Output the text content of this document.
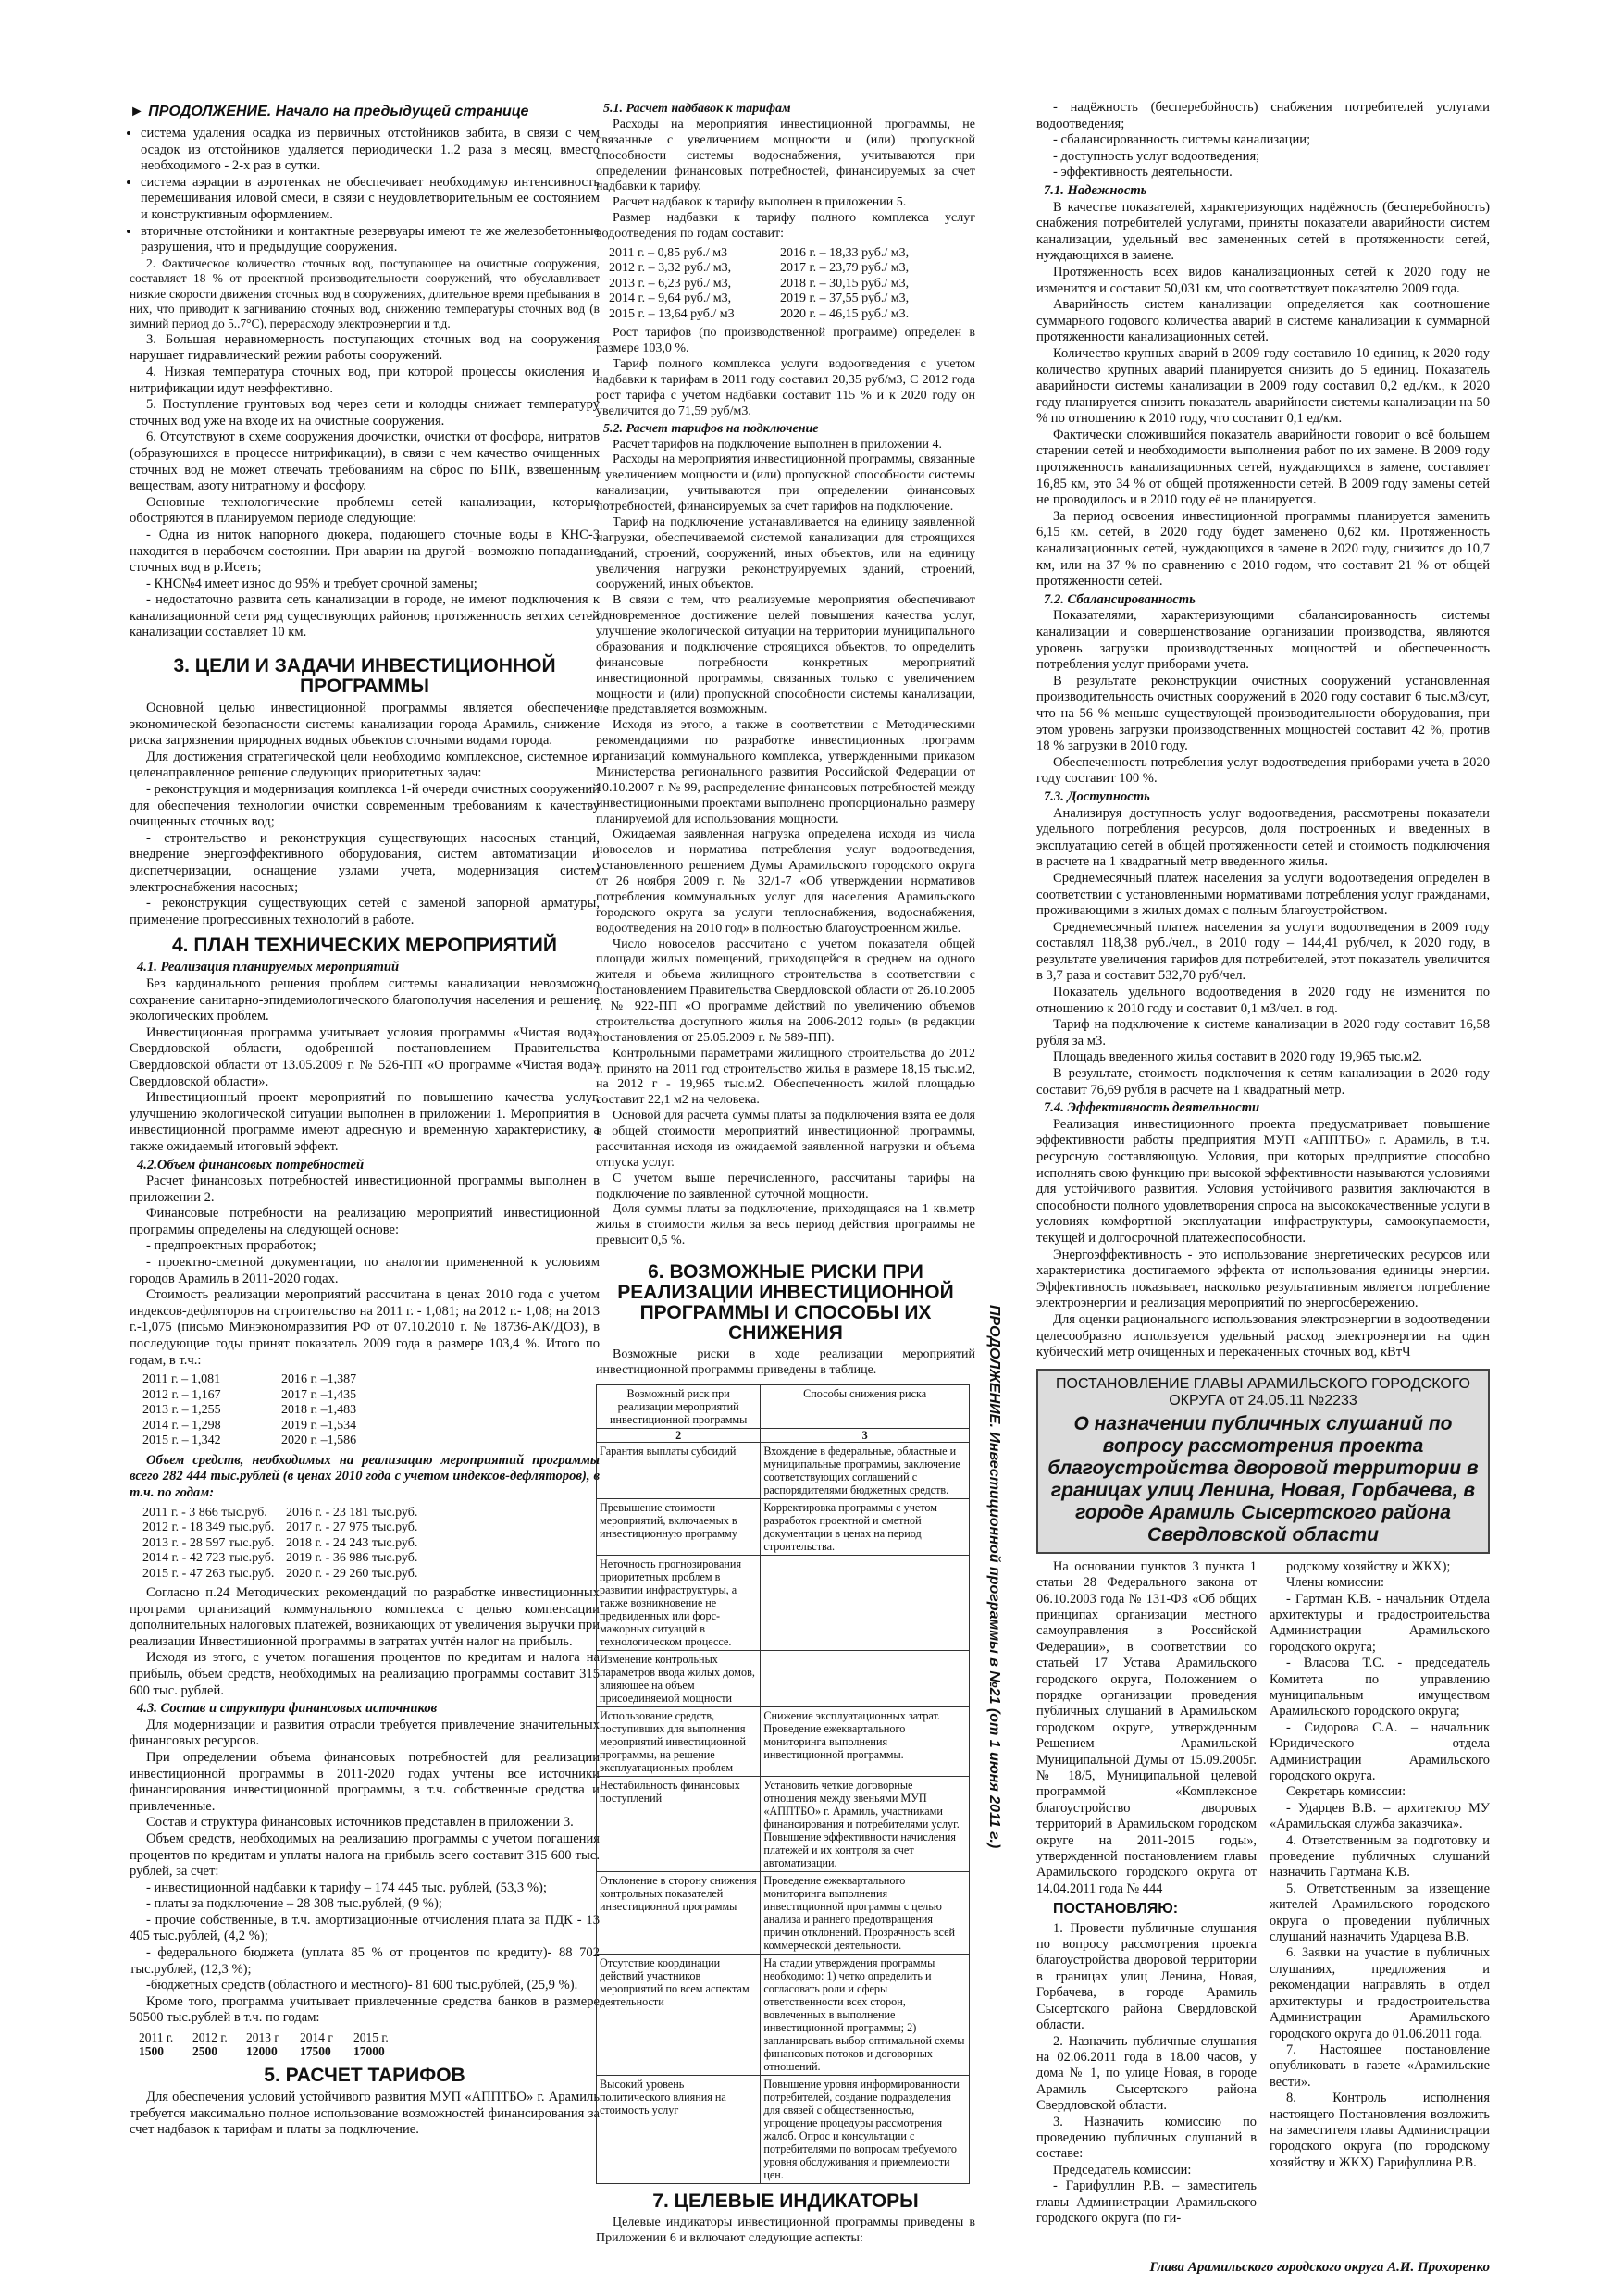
► ПРОДОЛЖЕНИЕ. Начало на предыдущей странице
• система удаления осадка из первичных отстойников забита, в связи с чем осадок из отстойников удаляется периодически 1..2 раза в месяц, вместо необходимого - 2-х раз в сутки.
• система аэрации в аэротенках не обеспечивает необходимую интенсивность перемешивания иловой смеси, в связи с неудовлетворительным ее состоянием и конструктивным оформлением.
• вторичные отстойники и контактные резервуары имеют те же железобетонные разрушения, что и предыдущие сооружения.

2. Фактическое количество сточных вод, поступающее на очистные сооружения, составляет 18 % от проектной производительности сооружений, что обуславливает низкие скорости движения сточных вод в сооружениях, длительное время пребывания в них, что приводит к загниванию сточных вод, снижению температуры сточных вод (в зимний период до 5..7°С), перерасходу электроэнергии и т.д.

3. Большая неравномерность поступающих сточных вод на сооружения нарушает гидравлический режим работы сооружений.

4. Низкая температура сточных вод, при которой процессы окисления и нитрификации идут неэффективно.

5. Поступление грунтовых вод через сети и колодцы снижает температуру сточных вод уже на входе их на очистные сооружения.

6. Отсутствуют в схеме сооружения доочистки, очистки от фосфора, нитратов (образующихся в процессе нитрификации), в связи с чем качество очищенных сточных вод не может отвечать требованиям на сброс по БПК, взвешенным веществам, азоту нитратному и фосфору.

Основные технологические проблемы сетей канализации, которые обостряются в планируемом периоде следующие:

- Одна из ниток напорного дюкера, подающего сточные воды в КНС-3 находится в нерабочем состоянии. При аварии на другой - возможно попадание сточных вод в р.Исеть;

- КНС№4 имеет износ до 95% и требует срочной замены;

- недостаточно развита сеть канализации в городе, не имеют подключения к канализационной сети ряд существующих районов; протяженность ветхих сетей канализации составляет 10 км.

3. ЦЕЛИ И ЗАДАЧИ ИНВЕСТИЦИОННОЙ ПРОГРАММЫ

Основной целью инвестиционной программы является обеспечение экономической безопасности системы канализации города Арамиль, снижение риска загрязнения природных водных объектов сточными водами города.

Для достижения стратегической цели необходимо комплексное, системное и целенаправленное решение следующих приоритетных задач:

- реконструкция и модернизация комплекса 1-й очереди очистных сооружений для обеспечения технологии очистки современным требованиям к качеству очищенных сточных вод;

- строительство и реконструкция существующих насосных станций, внедрение энергоэффективного оборудования, систем автоматизации и диспетчеризации, оснащение узлами учета, модернизация систем электроснабжения насосных;

- реконструкция существующих сетей с заменой запорной арматуры, применение прогрессивных технологий в работе.

4. ПЛАН ТЕХНИЧЕСКИХ МЕРОПРИЯТИЙ

4.1. Реализация планируемых мероприятий

Без кардинального решения проблем системы канализации невозможно сохранение санитарно-эпидемиологического благополучия населения и решение экологических проблем.

Инвестиционная программа учитывает условия программы «Чистая вода» Свердловской области, одобренной постановлением Правительства Свердловской области от 13.05.2009 г. № 526-ПП «О программе «Чистая вода» Свердловской области».

Инвестиционный проект мероприятий по повышению качества услуг, улучшению экологической ситуации выполнен в приложении 1. Мероприятия в инвестиционной программе имеют адресную и временную характеристику, а также ожидаемый итоговый эффект.

4.2.Объем финансовых потребностей

Расчет финансовых потребностей инвестиционной программы выполнен в приложении 2.

Финансовые потребности на реализацию мероприятий инвестиционной программы определены на следующей основе:

- предпроектных проработок;

- проектно-сметной документации, по аналогии примененной к условиям городов Арамиль в 2011-2020 годах.

Стоимость реализации мероприятий рассчитана в ценах 2010 года с учетом индексов-дефляторов на строительство на 2011 г. - 1,081; на 2012 г.- 1,08; на 2013 г.-1,075 (письмо Минэкономразвития РФ от 07.10.2010 г. № 18736-АК/ДОЗ), в последующие годы принят показатель 2009 года в размере 103,4 %. Итого по годам, в т.ч.:

2011 г. – 1,081	2016 г. –1,387
2012 г. – 1,167	2017 г. –1,435
2013 г. – 1,255	2018 г. –1,483
2014 г. – 1,298	2019 г. –1,534
2015 г. – 1,342	2020 г. –1,586

Объем средств, необходимых на реализацию мероприятий программы всего 282 444 тыс.рублей (в ценах 2010 года с учетом индексов-дефляторов), в т.ч. по годам:

2011 г. - 3 866 тыс.руб.	2016 г. - 23 181 тыс.руб.
2012 г. - 18 349 тыс.руб. 2017 г. - 27 975 тыс.руб.
2013 г. - 28 597 тыс.руб. 2018 г. - 24 243 тыс.руб.
2014 г. - 42 723 тыс.руб. 2019 г. - 36 986 тыс.руб.
2015 г. - 47 263 тыс.руб. 2020 г. - 29 260 тыс.руб.

Согласно п.24 Методических рекомендаций по разработке инвестиционных программ организаций коммунального комплекса с целью компенсации дополнительных налоговых платежей, возникающих от увеличения выручки при реализации Инвестиционной программы в затратах учтён налог на прибыль.

Исходя из этого, с учетом погашения процентов по кредитам и налога на прибыль, объем средств, необходимых на реализацию программы составит 315 600 тыс. рублей.

4.3. Состав и структура финансовых источников

Для модернизации и развития отрасли требуется привлечение значительных финансовых ресурсов.

При определении объема финансовых потребностей для реализации инвестиционной программы в 2011-2020 годах учтены все источники финансирования инвестиционной программы, в т.ч. собственные средства и привлеченные.

Состав и структура финансовых источников представлен в приложении 3.

Объем средств, необходимых на реализацию программы с учетом погашения процентов по кредитам и уплаты налога на прибыль всего составит 315 600 тыс. рублей, за счет:

- инвестиционной надбавки к тарифу – 174 445 тыс. рублей, (53,3 %);

- платы за подключение – 28 308 тыс.рублей, (9 %);

- прочие собственные, в т.ч. амортизационные отчисления плата за ПДК - 13 405 тыс.рублей, (4,2 %);

- федерального бюджета (уплата 85 % от процентов по кредиту)- 88 702 тыс.рублей, (12,3 %);

-бюджетных средств (областного и местного)- 81 600 тыс.рублей, (25,9 %).

Кроме того, программа учитывает привлеченные средства банков в размере 50500 тыс.рублей в т.ч. по годам:

2011 г.	2012 г.	2013 г	2014 г	2015 г.
1500	2500	12000	17500	17000
5. РАСЧЕТ ТАРИФОВ

Для обеспечения условий устойчивого развития МУП «АППТБО» г. Арамиль требуется максимально полное использование возможностей финансирования за счет надбавок к тарифам и платы за подключение.

5.1. Расчет надбавок к тарифам

Расходы на мероприятия инвестиционной программы, не связанные с увеличением мощности и (или) пропускной способности системы водоснабжения, учитываются при определении финансовых потребностей, финансируемых за счет надбавки к тарифу.

Расчет надбавок к тарифу выполнен в приложении 5.

Размер надбавки к тарифу полного комплекса услуг водоотведения по годам составит:

2011 г. – 0,85 руб./ м3	2016 г. – 18,33 руб./ м3,
2012 г. – 3,32 руб./ м3,	2017 г. – 23,79 руб./ м3,
2013 г. – 6,23 руб./ м3,	2018 г. – 30,15 руб./ м3,
2014 г. – 9,64 руб./ м3,	2019 г. – 37,55 руб./ м3,
2015 г. – 13,64 руб./ м3	2020 г. – 46,15 руб./ м3.

Рост тарифов (по производственной программе) определен в размере 103,0 %.

Тариф полного комплекса услуги водоотведения с учетом надбавки к тарифам в 2011 году составил 20,35 руб/м3, С 2012 года рост тарифа с учетом надбавки составит 115 % и к 2020 году он увеличится до 71,59 руб/м3.

5.2. Расчет тарифов на подключение

Расчет тарифов на подключение выполнен в приложении 4.

Расходы на мероприятия инвестиционной программы, связанные с увеличением мощности и (или) пропускной способности системы канализации, учитываются при определении финансовых потребностей, финансируемых за счет тарифов на подключение.

Тариф на подключение устанавливается на единицу заявленной нагрузки, обеспечиваемой системой канализации для строящихся зданий, строений, сооружений, иных объектов, или на единицу увеличения нагрузки реконструируемых зданий, строений, сооружений, иных объектов.

В связи с тем, что реализуемые мероприятия обеспечивают одновременное достижение целей повышения качества услуг, улучшение экологической ситуации на территории муниципального образования и подключение строящихся объектов, то определить финансовые потребности конкретных мероприятий инвестиционной программы, связанных только с увеличением мощности и (или) пропускной способности системы канализации, не представляется возможным.

Исходя из этого, а также в соответствии с Методическими рекомендациями по разработке инвестиционных программ организаций коммунального комплекса, утвержденными приказом Министерства регионального развития Российской Федерации от 10.10.2007 г. № 99, распределение финансовых потребностей между инвестиционными проектами выполнено пропорционально размеру планируемой для использования мощности.

Ожидаемая заявленная нагрузка определена исходя из числа новоселов и норматива потребления услуг водоотведения, установленного решением Думы Арамильского городского округа от 26 ноября 2009 г. № 32/1-7 «Об утверждении нормативов потребления коммунальных услуг для населения Арамильского городского округа за услуги теплоснабжения, водоснабжения, водоотведения на 2010 год» в полностью благоустроенном жилье.

Число новоселов рассчитано с учетом показателя общей площади жилых помещений, приходящейся в среднем на одного жителя и объема жилищного строительства в соответствии с постановлением Правительства Свердловской области от 26.10.2005 г. № 922-ПП «О программе действий по увеличению объемов строительства доступного жилья на 2006-2012 годы» (в редакции постановления от 25.05.2009 г. № 589-ПП).

Контрольными параметрами жилищного строительства до 2012 г. принято на 2011 год строительство жилья в размере 18,15 тыс.м2, на 2012 г - 19,965 тыс.м2. Обеспеченность жилой площадью составит 22,1 м2 на человека.

Основой для расчета суммы платы за подключения взята ее доля в общей стоимости мероприятий инвестиционной программы, рассчитанная исходя из ожидаемой заявленной нагрузки и объема отпуска услуг.

С учетом выше перечисленного, рассчитаны тарифы на подключение по заявленной суточной мощности.

Доля суммы платы за подключение, приходящаяся на 1 кв.метр жилья в стоимости жилья за весь период действия программы не превысит 0,5 %.

6. ВОЗМОЖНЫЕ РИСКИ ПРИ РЕАЛИЗАЦИИ ИНВЕСТИЦИОННОЙ ПРОГРАММЫ И СПОСОБЫ ИХ СНИЖЕНИЯ

Возможные риски в ходе реализации мероприятий инвестиционной программы приведены в таблице.

Возможный риск при реализации мероприятий инвестиционной программы	Способы снижения риска
2	3
Гарантия выплаты субсидий	Вхождение в федеральные, областные и муниципальные программы, заключение соответствующих соглашений с распорядителями бюджетных средств.
Превышение стоимости мероприятий, включаемых в инвестиционную программу	Корректировка программы с учетом разработок проектной и сметной документации в ценах на период строительства.
Неточность прогнозирования приоритетных проблем в развитии инфраструктуры, а также возникновение не предвиденных или форс-мажорных ситуаций в технологическом процессе.	
Изменение контрольных параметров ввода жилых домов, влияющее на объем присоединяемой мощности	
Использование средств, поступивших для выполнения мероприятий инвестиционной программы, на решение эксплуатационных проблем	Снижение эксплуатационных затрат. Проведение ежеквартального мониторинга выполнения инвестиционной программы.
Нестабильность финансовых поступлений	Установить четкие договорные отношения между звеньями МУП «АППТБО» г. Арамиль, участниками финансирования и потребителями услуг. Повышение эффективности начисления платежей и их контроля за счет автоматизации.
Отклонение в сторону снижения контрольных показателей инвестиционной программы	Проведение ежеквартального мониторинга выполнения инвестиционной программы с целью анализа и раннего предотвращения причин отклонений. Прозрачность всей коммерческой деятельности.
Отсутствие координации действий участников мероприятий по всем аспектам деятельности	На стадии утверждения программы необходимо: 1) четко определить и согласовать роли и сферы ответственности всех сторон, вовлеченных в выполнение инвестиционной программы; 2) запланировать выбор оптимальной схемы финансовых потоков и договорных отношений.
Высокий уровень политического влияния на стоимость услуг	Повышение уровня информированности потребителей, создание подразделения для связей с общественностью, упрощение процедуры рассмотрения жалоб. Опрос и консультации с потребителями по вопросам требуемого уровня обслуживания и приемлемости цен.
7. ЦЕЛЕВЫЕ ИНДИКАТОРЫ

Целевые индикаторы инвестиционной программы приведены в Приложении 6 и включают следующие аспекты:

ПРОДОЛЖЕНИЕ. Инвестиционной программы в №21 (от 1 июня 2011 г.)

- надёжность (бесперебойность) снабжения потребителей услугами водоотведения;

- сбалансированность системы канализации;

- доступность услуг водоотведения;

- эффективность деятельности.

7.1. Надежность

В качестве показателей, характеризующих надёжность (бесперебойность) снабжения потребителей услугами, приняты показатели аварийности систем канализации, удельный вес замененных сетей в протяженности сетей, нуждающихся в замене.

Протяженность всех видов канализационных сетей к 2020 году не изменится и составит 50,031 км, что соответствует показателю 2009 года.

Аварийность систем канализации определяется как соотношение суммарного годового количества аварий в системе канализации к суммарной протяженности канализационных сетей.

Количество крупных аварий в 2009 году составило 10 единиц, к 2020 году количество крупных аварий планируется снизить до 5 единиц. Показатель аварийности системы канализации в 2009 году составил 0,2 ед./км., к 2020 году планируется снизить показатель аварийности системы канализации на 50 % по отношению к 2010 году, что составит 0,1 ед/км.

Фактически сложившийся показатель аварийности говорит о всё большем старении сетей и необходимости выполнения работ по их замене. В 2009 году протяженность канализационных сетей, нуждающихся в замене, составляет 16,85 км, это 34 % от общей протяженности сетей. В 2009 году замены сетей не проводилось и в 2010 году её не планируется.

За период освоения инвестиционной программы планируется заменить 6,15 км. сетей, в 2020 году будет заменено 0,62 км. Протяженность канализационных сетей, нуждающихся в замене в 2020 году, снизится до 10,7 км, или на 37 % по сравнению с 2010 годом, что составит 21 % от общей протяженности сетей.

7.2. Сбалансированность

Показателями, характеризующими сбалансированность системы канализации и совершенствование организации производства, являются уровень загрузки производственных мощностей и обеспеченность потребления услуг приборами учета.

В результате реконструкции очистных сооружений установленная производительность очистных сооружений в 2020 году составит 6 тыс.м3/сут, что на 56 % меньше существующей производительности оборудования, при этом уровень загрузки производственных мощностей составит 42 %, против 18 % загрузки в 2010 году.

Обеспеченность потребления услуг водоотведения приборами учета в 2020 году составит 100 %.

7.3. Доступность

Анализируя доступность услуг водоотведения, рассмотрены показатели удельного потребления ресурсов, доля построенных и введенных в эксплуатацию сетей в общей протяженности сетей и стоимость подключения в расчете на 1 квадратный метр введенного жилья.

Среднемесячный платеж населения за услуги водоотведения определен в соответствии с установленными нормативами потребления услуг гражданами, проживающими в жилых домах с полным благоустройством.

Среднемесячный платеж населения за услуги водоотведения в 2009 году составлял 118,38 руб./чел., в 2010 году – 144,41 руб/чел, к 2020 году, в результате увеличения тарифов для потребителей, этот показатель увеличится в 3,7 раза и составит 532,70 руб/чел.

Показатель удельного водоотведения в 2020 году не изменится по отношению к 2010 году и составит 0,1 м3/чел. в год.

Тариф на подключение к системе канализации в 2020 году составит 16,58 рубля за м3.

Площадь введенного жилья составит в 2020 году 19,965 тыс.м2.

В результате, стоимость подключения к сетям канализации в 2020 году составит 76,69 рубля в расчете на 1 квадратный метр.

7.4. Эффективность деятельности

Реализация инвестиционного проекта предусматривает повышение эффективности работы предприятия МУП «АППТБО» г. Арамиль, в т.ч. ресурсную составляющую. Условия, при которых предприятие способно исполнять свою функцию при высокой эффективности называются условиями для устойчивого развития. Условия устойчивого развития заключаются в способности полного удовлетворения спроса на высококачественные услуги в условиях комфортной эксплуатации инфраструктуры, самоокупаемости, текущей и долгосрочной платежеспособности.

Энергоэффективность - это использование энергетических ресурсов или характеристика достигаемого эффекта от использования единицы энергии. Эффективность показывает, насколько результативным является потребление электроэнергии и реализация мероприятий по энергосбережению.

Для оценки рационального использования электроэнергии в водоотведении целесообразно используется удельный расход электроэнергии на один кубический метр очищенных и перекаченных сточных вод, кВтЧ

ПОСТАНОВЛЕНИЕ ГЛАВЫ АРАМИЛЬСКОГО ГОРОДСКОГО ОКРУГА от 24.05.11 №2233
О назначении публичных слушаний по вопросу рассмотрения проекта благоустройства дворовой территории в границах улиц Ленина, Новая, Горбачева, в городе Арамиль Сысертского района Свердловской области

На основании пунктов 3 пункта 1 статьи 28 Федерального закона от 06.10.2003 года № 131-ФЗ «Об общих принципах организации местного самоуправления в Российской Федерации», в соответствии со статьей 17 Устава Арамильского городского округа, Положением о порядке организации проведения публичных слушаний в Арамильском городском округе, утвержденным Решением Арамильской Муниципальной Думы от 15.09.2005г. № 18/5, Муниципальной целевой программой «Комплексное благоустройство дворовых территорий в Арамильском городском округе на 2011-2015 годы», утвержденной постановлением главы Арамильского городского округа от 14.04.2011 года № 444

ПОСТАНОВЛЯЮ:

1. Провести публичные слушания по вопросу рассмотрения проекта благоустройства дворовой территории в границах улиц Ленина, Новая, Горбачева, в городе Арамиль Сысертского района Свердловской области.

2. Назначить публичные слушания на 02.06.2011 года в 18.00 часов, у дома № 1, по улице Новая, в городе Арамиль Сысертского района Свердловской области.

3. Назначить комиссию по проведению публичных слушаний в составе:

Председатель комиссии:

- Гарифуллин Р.В. – заместитель главы Администрации Арамильского городского округа (по ги-

родскому хозяйству и ЖКХ);

Члены комиссии:

- Гартман К.В. - начальник Отдела архитектуры и градостроительства Администрации Арамильского городского округа;

- Власова Т.С. - председатель Комитета по управлению муниципальным имуществом Арамильского городского округа;

- Сидорова С.А. – начальник Юридического отдела Администрации Арамильского городского округа.

Секретарь комиссии:

- Ударцев В.В. – архитектор МУ «Арамильская служба заказчика».

4. Ответственным за подготовку и проведение публичных слушаний назначить Гартмана К.В.

5. Ответственным за извещение жителей Арамильского городского округа о проведении публичных слушаний назначить Ударцева В.В.

6. Заявки на участие в публичных слушаниях, предложения и рекомендации направлять в отдел архитектуры и градостроительства Администрации Арамильского городского округа до 01.06.2011 года.

7. Настоящее постановление опубликовать в газете «Арамильские вести».

8. Контроль исполнения настоящего Постановления возложить на заместителя главы Администрации городского округа (по городскому хозяйству и ЖКХ) Гарифуллина Р.В.

Глава Арамильского городского округа А.И. Прохоренко
